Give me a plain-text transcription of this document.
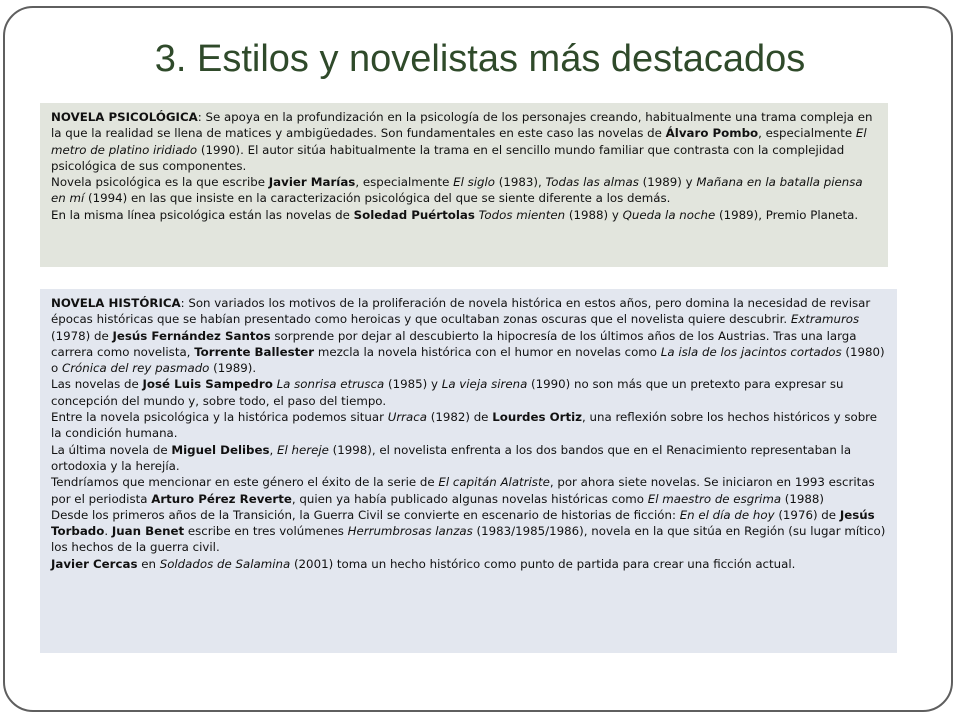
3. Estilos y novelistas más destacados

NOVELA PSICOLÓGICA: Se apoya en la profundización en la psicología de los personajes creando, habitualmente una trama compleja en la que la realidad se llena de matices y ambigüedades. Son fundamentales en este caso las novelas de Álvaro Pombo, especialmente El metro de platino iridiado (1990). El autor sitúa habitualmente la trama en el sencillo mundo familiar que contrasta con la complejidad psicológica de sus componentes.

Novela psicológica es la que escribe Javier Marías, especialmente El siglo (1983), Todas las almas (1989) y Mañana en la batalla piensa en mí (1994) en las que insiste en la caracterización psicológica del que se siente diferente a los demás.

En la misma línea psicológica están las novelas de Soledad Puértolas Todos mienten (1988) y Queda la noche (1989), Premio Planeta.

NOVELA HISTÓRICA: Son variados los motivos de la proliferación de novela histórica en estos años, pero domina la necesidad de revisar épocas históricas que se habían presentado como heroicas y que ocultaban zonas oscuras que el novelista quiere descubrir. Extramuros (1978) de Jesús Fernández Santos sorprende por dejar al descubierto la hipocresía de los últimos años de los Austrias. Tras una larga carrera como novelista, Torrente Ballester mezcla la novela histórica con el humor en novelas como La isla de los jacintos cortados (1980) o Crónica del rey pasmado (1989).

Las novelas de José Luis Sampedro La sonrisa etrusca (1985) y La vieja sirena (1990) no son más que un pretexto para expresar su concepción del mundo y, sobre todo, el paso del tiempo.

Entre la novela psicológica y la histórica podemos situar Urraca (1982) de Lourdes Ortiz, una reflexión sobre los hechos históricos y sobre la condición humana.

La última novela de Miguel Delibes, El hereje (1998), el novelista enfrenta a los dos bandos que en el Renacimiento representaban la ortodoxia y la herejía.

Tendríamos que mencionar en este género el éxito de la serie de El capitán Alatriste, por ahora siete novelas. Se iniciaron en 1993 escritas por el periodista Arturo Pérez Reverte, quien ya había publicado algunas novelas históricas como El maestro de esgrima (1988)

Desde los primeros años de la Transición, la Guerra Civil se convierte en escenario de historias de ficción: En el día de hoy (1976) de Jesús Torbado. Juan Benet escribe en tres volúmenes Herrumbrosas lanzas (1983/1985/1986), novela en la que sitúa en Región (su lugar mítico) los hechos de la guerra civil.

Javier Cercas en Soldados de Salamina (2001) toma un hecho histórico como punto de partida para crear una ficción actual.
